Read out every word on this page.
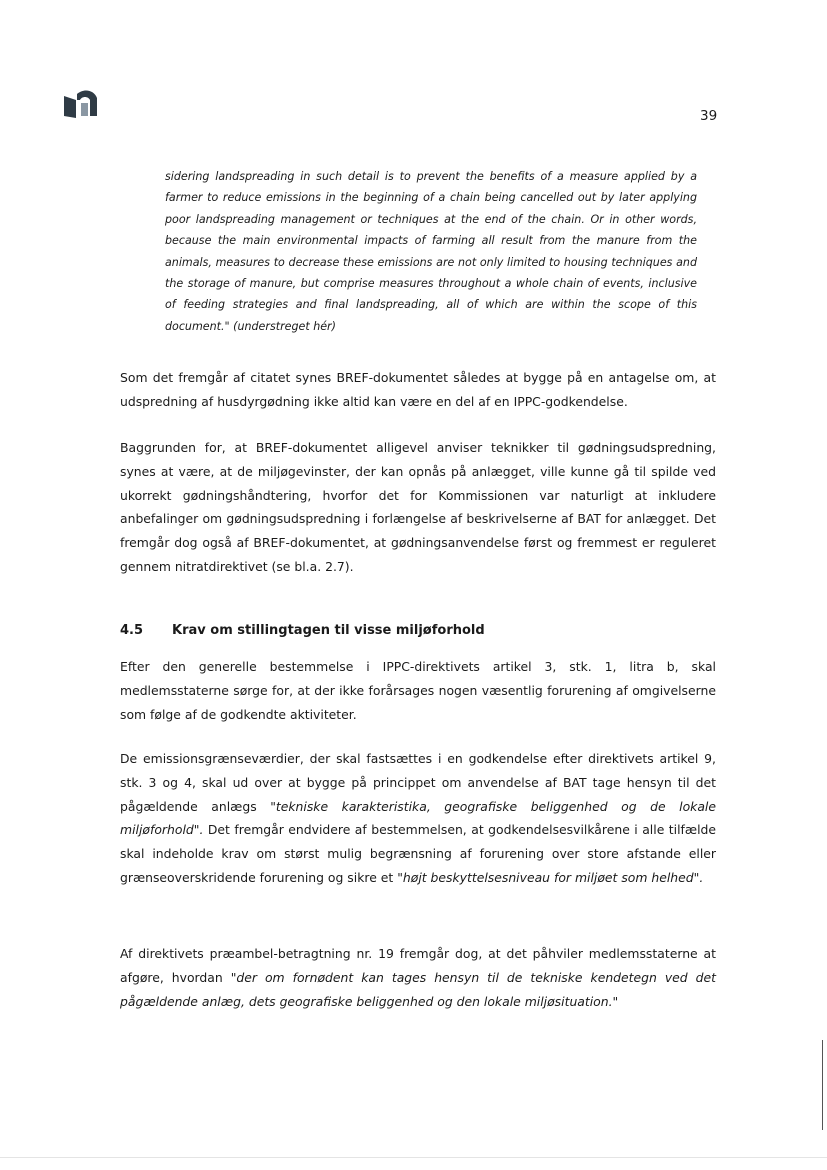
39

sidering landspreading in such detail is to prevent the benefits of a measure applied by a farmer to reduce emissions in the beginning of a chain being cancelled out by later applying poor landspreading management or techniques at the end of the chain. Or in other words, because the main environmental impacts of farming all result from the manure from the animals, measures to decrease these emissions are not only limited to housing techniques and the storage of manure, but comprise measures throughout a whole chain of events, inclusive of feeding strategies and final landspreading, all of which are within the scope of this document." (understreget hér)

Som det fremgår af citatet synes BREF-dokumentet således at bygge på en antagelse om, at udspredning af husdyrgødning ikke altid kan være en del af en IPPC-godkendelse.

Baggrunden for, at BREF-dokumentet alligevel anviser teknikker til gødningsudspredning, synes at være, at de miljøgevinster, der kan opnås på anlægget, ville kunne gå til spilde ved ukorrekt gødningshåndtering, hvorfor det for Kommissionen var naturligt at inkludere anbefalinger om gødningsudspredning i forlængelse af beskrivelserne af BAT for anlægget. Det fremgår dog også af BREF-dokumentet, at gødningsanvendelse først og fremmest er reguleret gennem nitratdirektivet (se bl.a. 2.7).

4.5 Krav om stillingtagen til visse miljøforhold

Efter den generelle bestemmelse i IPPC-direktivets artikel 3, stk. 1, litra b, skal medlemsstaterne sørge for, at der ikke forårsages nogen væsentlig forurening af omgivelserne som følge af de godkendte aktiviteter.

De emissionsgrænseværdier, der skal fastsættes i en godkendelse efter direktivets artikel 9, stk. 3 og 4, skal ud over at bygge på princippet om anvendelse af BAT tage hensyn til det pågældende anlægs "tekniske karakteristika, geografiske beliggenhed og de lokale miljøforhold". Det fremgår endvidere af bestemmelsen, at godkendelsesvilkårene i alle tilfælde skal indeholde krav om størst mulig begrænsning af forurening over store afstande eller grænseoverskridende forurening og sikre et "højt beskyttelsesniveau for miljøet som helhed".

Af direktivets præambel-betragtning nr. 19 fremgår dog, at det påhviler medlemsstaterne at afgøre, hvordan "der om fornødent kan tages hensyn til de tekniske kendetegn ved det pågældende anlæg, dets geografiske beliggenhed og den lokale miljøsituation."
